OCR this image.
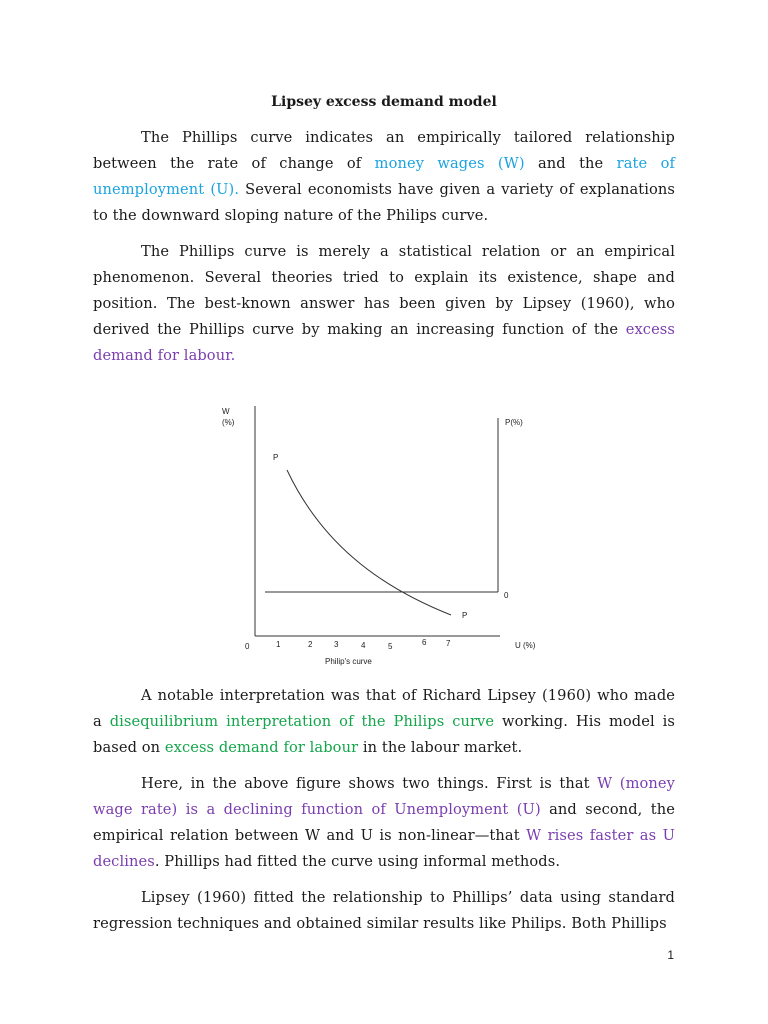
Lipsey excess demand model

The Phillips curve indicates an empirically tailored relationship between the rate of change of money wages (W) and the rate of unemployment (U). Several economists have given a variety of explanations to the downward sloping nature of the Philips curve.

The Phillips curve is merely a statistical relation or an empirical phenomenon. Several theories tried to explain its existence, shape and position. The best-known answer has been given by Lipsey (1960), who derived the Phillips curve by making an increasing function of the excess demand for labour.

W
(%)	P(%)
P
P
0
0	1	2	3	4	5	6 7	U (%)
Philip's curve

A notable interpretation was that of Richard Lipsey (1960) who made a disequilibrium interpretation of the Philips curve working. His model is based on excess demand for labour in the labour market.

Here, in the above figure shows two things. First is that W (money wage rate) is a declining function of Unemployment (U) and second, the empirical relation between W and U is non-linear—that W rises faster as U declines. Phillips had fitted the curve using informal methods.

Lipsey (1960) fitted the relationship to Phillips’ data using standard regression techniques and obtained similar results like Philips. Both Phillips

1
